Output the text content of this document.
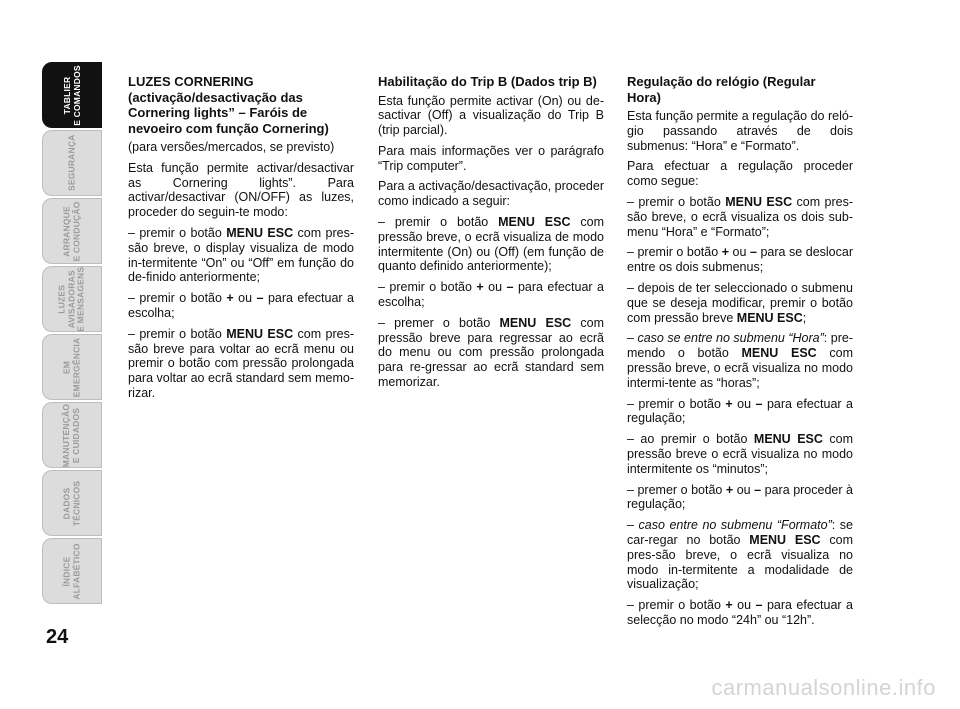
TABLIER
E COMANDOS
SEGURANÇA
ARRANQUE
E CONDUÇÃO
LUZES
AVISADORAS
E MENSAGENS
EM
EMERGÊNCIA
MANUTENÇÃO
E CUIDADOS
DADOS
TÉCNICOS
ÍNDICE
ALFABÉTICO
24
LUZES CORNERING (activação/desactivação das Cornering lights” – Faróis de nevoeiro com função Cornering)

(para versões/mercados, se previsto)

Esta função permite activar/desactivar as Cornering lights”. Para activar/desactivar (ON/OFF) as luzes, proceder do seguin-te modo:

– premir o botão MENU ESC com pres-são breve, o display visualiza de modo in-termitente “On” ou “Off” em função do de-finido anteriormente;

– premir o botão + ou – para efectuar a escolha;

– premir o botão MENU ESC com pres-são breve para voltar ao ecrã menu ou premir o botão com pressão prolongada para voltar ao ecrã standard sem memo-rizar.

Habilitação do Trip B (Dados trip B)

Esta função permite activar (On) ou de-sactivar (Off) a visualização do Trip B (trip parcial).

Para mais informações ver o parágrafo “Trip computer”.

Para a activação/desactivação, proceder como indicado a seguir:

– premir o botão MENU ESC com pressão breve, o ecrã visualiza de modo intermitente (On) ou (Off) (em função de quanto definido anteriormente);

– premir o botão + ou – para efectuar a escolha;

– premer o botão MENU ESC com pressão breve para regressar ao ecrã do menu ou com pressão prolongada para re-gressar ao ecrã standard sem memorizar.

Regulação do relógio (Regular Hora)

Esta função permite a regulação do reló-gio passando através de dois submenus: “Hora” e “Formato”.

Para efectuar a regulação proceder como segue:

– premir o botão MENU ESC com pres-são breve, o ecrã visualiza os dois sub-menu “Hora” e “Formato”;

– premir o botão + ou – para se deslocar entre os dois submenus;

– depois de ter seleccionado o submenu que se deseja modificar, premir o botão com pressão breve MENU ESC;

– caso se entre no submenu “Hora”: pre-mendo o botão MENU ESC com pressão breve, o ecrã visualiza no modo intermi-tente as “horas”;

– premir o botão + ou – para efectuar a regulação;

– ao premir o botão MENU ESC com pressão breve o ecrã visualiza no modo intermitente os “minutos”;

– premer o botão + ou – para proceder à regulação;

– caso entre no submenu “Formato”: se car-regar no botão MENU ESC com pres-são breve, o ecrã visualiza no modo in-termitente a modalidade de visualização;

– premir o botão + ou – para efectuar a selecção no modo “24h” ou “12h”.

carmanualsonline.info
